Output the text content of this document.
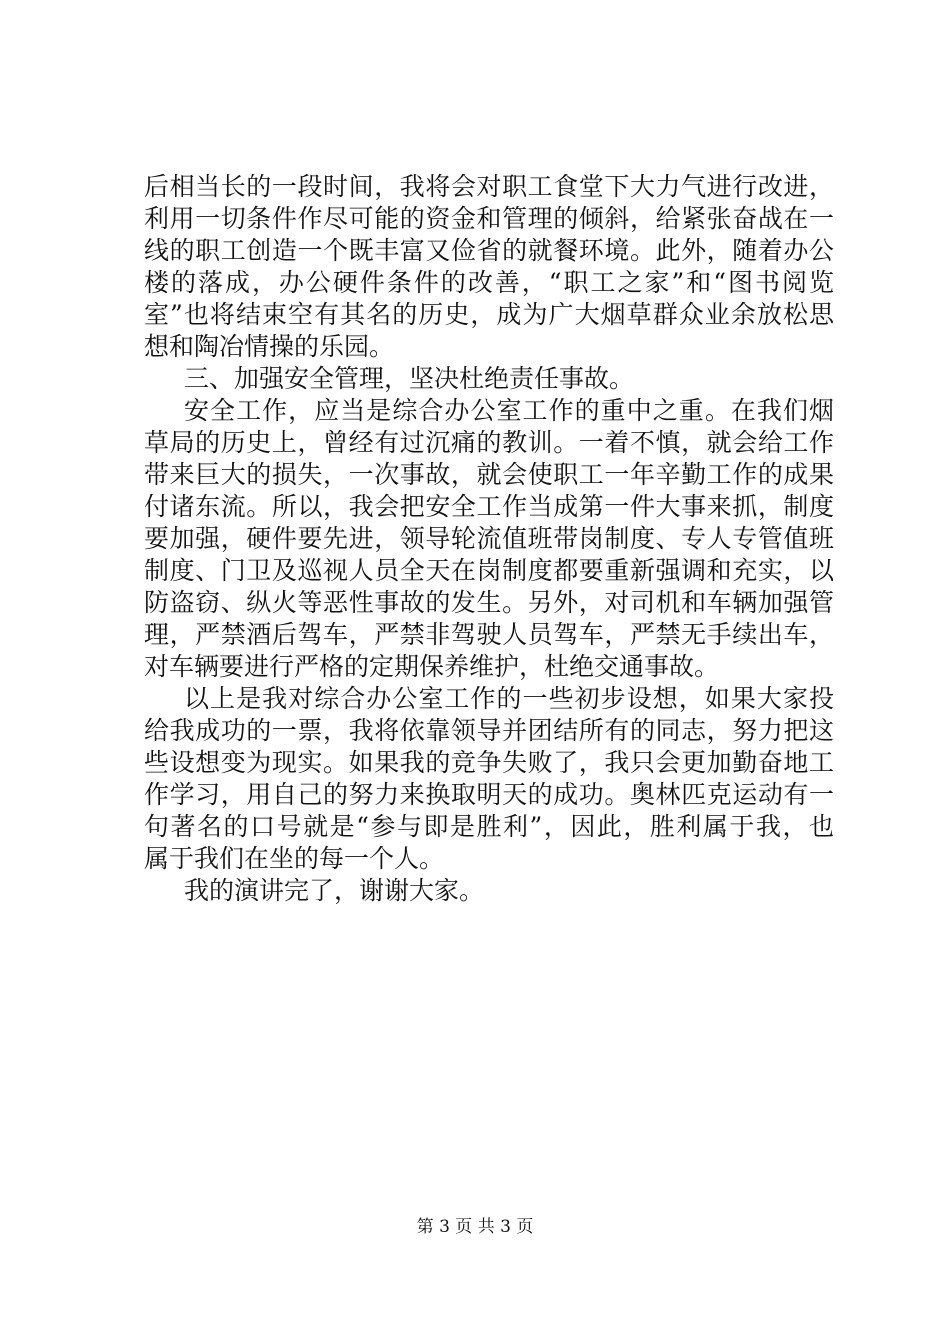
后相当长的一段时间，我将会对职工食堂下大力气进行改进，
利用一切条件作尽可能的资金和管理的倾斜，给紧张奋战在一
线的职工创造一个既丰富又俭省的就餐环境。此外，随着办公
楼的落成，办公硬件条件的改善，“职工之家”和“图书阅览
室”也将结束空有其名的历史，成为广大烟草群众业余放松思
想和陶冶情操的乐园。
三、加强安全管理，坚决杜绝责任事故。
安全工作，应当是综合办公室工作的重中之重。在我们烟
草局的历史上，曾经有过沉痛的教训。一着不慎，就会给工作
带来巨大的损失，一次事故，就会使职工一年辛勤工作的成果
付诸东流。所以，我会把安全工作当成第一件大事来抓，制度
要加强，硬件要先进，领导轮流值班带岗制度、专人专管值班
制度、门卫及巡视人员全天在岗制度都要重新强调和充实，以
防盗窃、纵火等恶性事故的发生。另外，对司机和车辆加强管
理，严禁酒后驾车，严禁非驾驶人员驾车，严禁无手续出车，
对车辆要进行严格的定期保养维护，杜绝交通事故。
以上是我对综合办公室工作的一些初步设想，如果大家投
给我成功的一票，我将依靠领导并团结所有的同志，努力把这
些设想变为现实。如果我的竞争失败了，我只会更加勤奋地工
作学习，用自己的努力来换取明天的成功。奥林匹克运动有一
句著名的口号就是“参与即是胜利”，因此，胜利属于我，也
属于我们在坐的每一个人。
我的演讲完了，谢谢大家。
第 3 页 共 3 页
